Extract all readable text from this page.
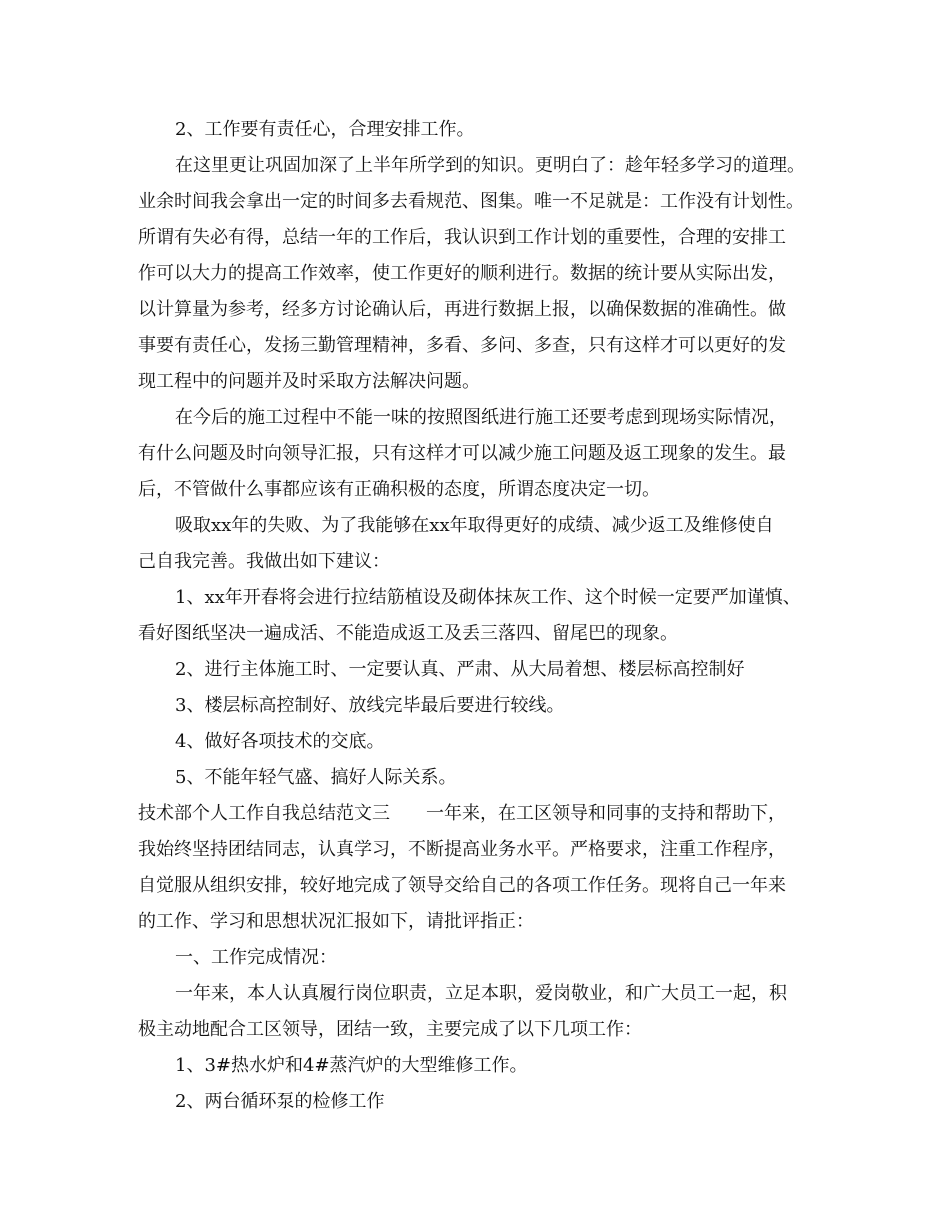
2、工作要有责任心，合理安排工作。
在这里更让巩固加深了上半年所学到的知识。更明白了：趁年轻多学习的道理。
业余时间我会拿出一定的时间多去看规范、图集。唯一不足就是：工作没有计划性。
所谓有失必有得，总结一年的工作后，我认识到工作计划的重要性，合理的安排工
作可以大力的提高工作效率，使工作更好的顺利进行。数据的统计要从实际出发，
以计算量为参考，经多方讨论确认后，再进行数据上报，以确保数据的准确性。做
事要有责任心，发扬三勤管理精神，多看、多问、多查，只有这样才可以更好的发
现工程中的问题并及时采取方法解决问题。
在今后的施工过程中不能一味的按照图纸进行施工还要考虑到现场实际情况，
有什么问题及时向领导汇报，只有这样才可以减少施工问题及返工现象的发生。最
后，不管做什么事都应该有正确积极的态度，所谓态度决定一切。
吸取xx年的失败、为了我能够在xx年取得更好的成绩、减少返工及维修使自
己自我完善。我做出如下建议：
1、xx年开春将会进行拉结筋植设及砌体抹灰工作、这个时候一定要严加谨慎、
看好图纸坚决一遍成活、不能造成返工及丢三落四、留尾巴的现象。
2、进行主体施工时、一定要认真、严肃、从大局着想、楼层标高控制好
3、楼层标高控制好、放线完毕最后要进行较线。
4、做好各项技术的交底。
5、不能年轻气盛、搞好人际关系。
技术部个人工作自我总结范文三　　一年来，在工区领导和同事的支持和帮助下，
我始终坚持团结同志，认真学习，不断提高业务水平。严格要求，注重工作程序，
自觉服从组织安排，较好地完成了领导交给自己的各项工作任务。现将自己一年来
的工作、学习和思想状况汇报如下，请批评指正：
一、工作完成情况：
一年来，本人认真履行岗位职责，立足本职，爱岗敬业，和广大员工一起，积
极主动地配合工区领导，团结一致，主要完成了以下几项工作：
1、3#热水炉和4#蒸汽炉的大型维修工作。
2、两台循环泵的检修工作
